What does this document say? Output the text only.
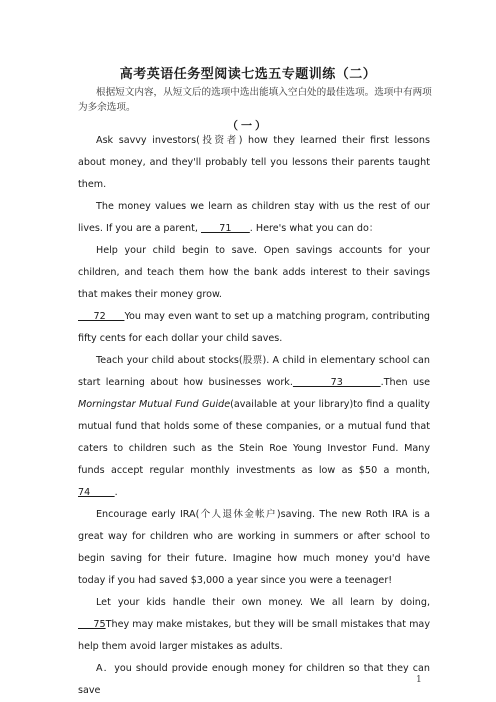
高考英语任务型阅读七选五专题训练（二）
根据短文内容，从短文后的选项中选出能填入空白处的最佳选项。选项中有两项为多余选项。
（一）

Ask savvy investors(投资者) how they learned their first lessons about money, and they'll probably tell you lessons their parents taught them.

The money values we learn as children stay with us the rest of our lives. If you are a parent,       71      . Here's what you can do：

Help your child begin to save. Open savings accounts for your children, and teach them how the bank adds interest to their savings that makes their money grow.

72      You may even want to set up a matching program, contributing fifty cents for each dollar your child saves.

Teach your child about stocks(股票). A child in elementary school can start learning about how businesses work.       73       .Then use Morningstar Mutual Fund Guide(available at your library)to find a quality mutual fund that holds some of these companies, or a mutual fund that caters to children such as the Stein Roe Young Investor Fund. Many funds accept regular monthly investments as low as $50 a month, 74        .

Encourage early IRA(个人退休金帐户)saving. The new Roth IRA is a great way for children who are working in summers or after school to begin saving for their future. Imagine how much money you'd have today if you had saved $3,000 a year since you were a teenager!

Let your kids handle their own money. We all learn by doing,      75They may make mistakes, but they will be small mistakes that may help them avoid larger mistakes as adults.

A．you should provide enough money for children so that they can save

1
